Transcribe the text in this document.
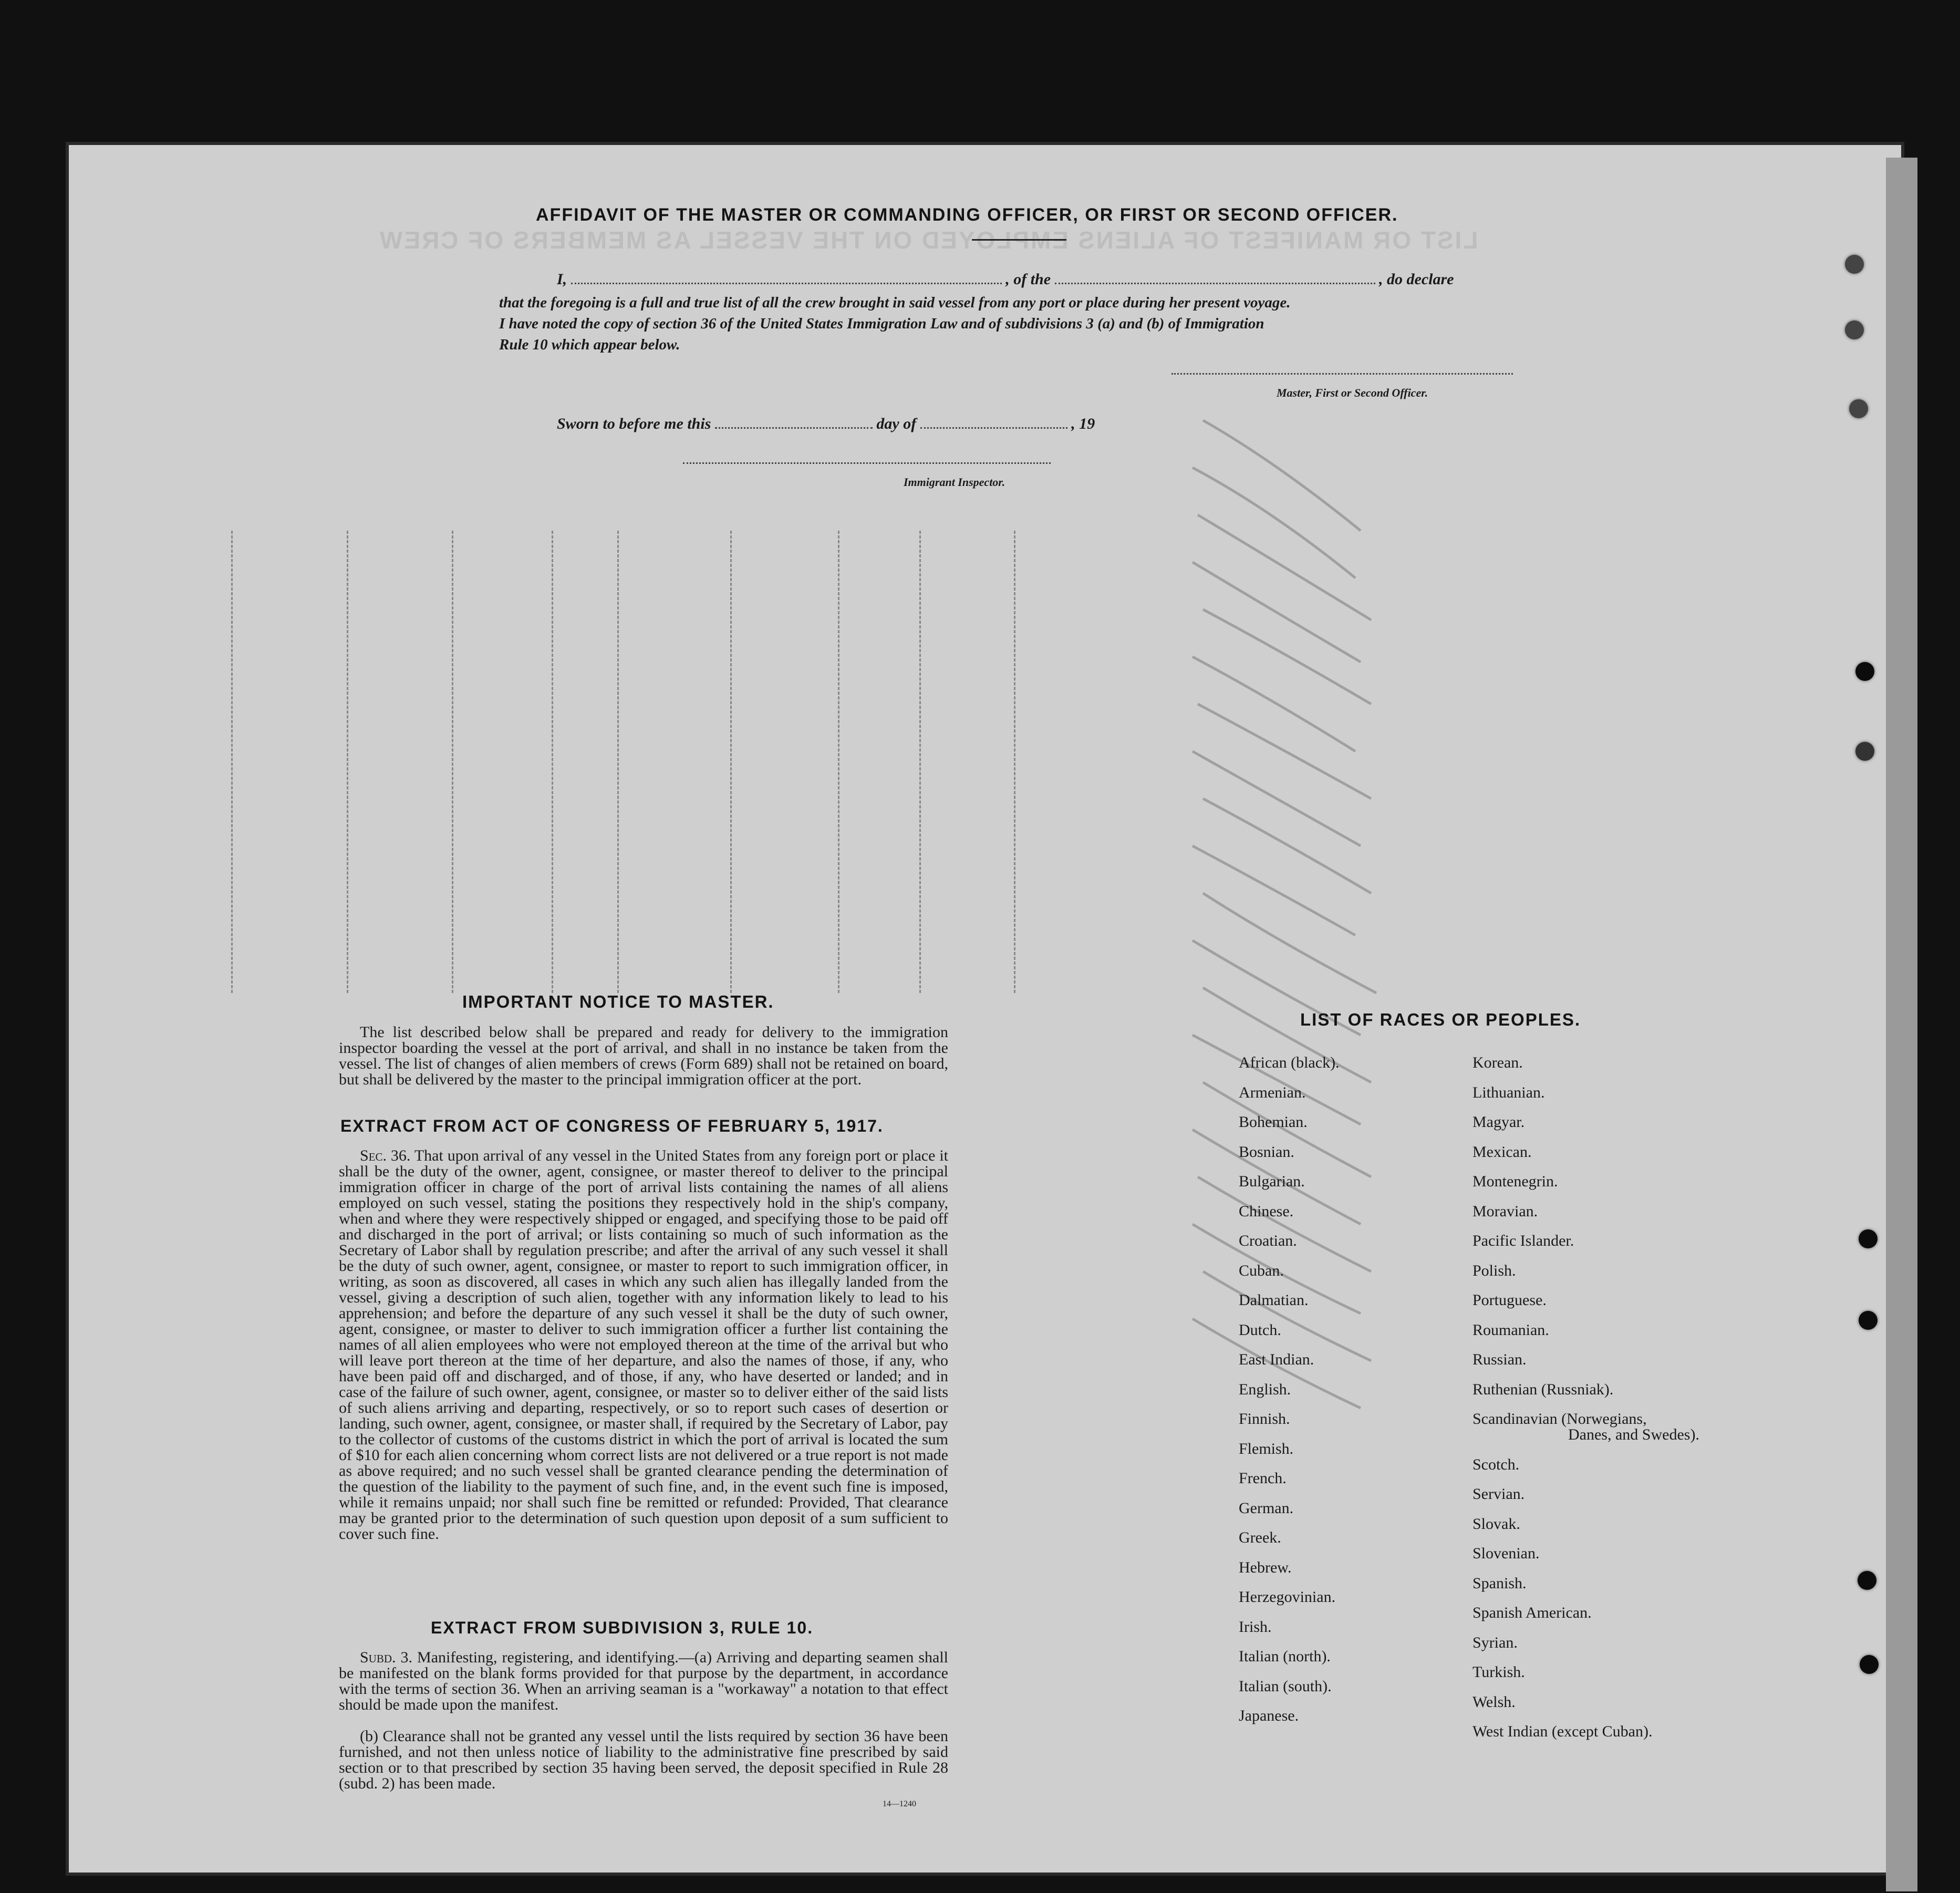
LIST OR MANIFEST OF ALIENS EMPLOYED ON THE VESSEL AS MEMBERS OF CREW
AFFIDAVIT OF THE MASTER OR COMMANDING OFFICER, OR FIRST OR SECOND OFFICER.
I,	, of the	, do declare
that the foregoing is a full and true list of all the crew brought in said vessel from any port or place during her present voyage.
I have noted the copy of section 36 of the United States Immigration Law and of subdivisions 3 (a) and (b) of Immigration
Rule 10 which appear below.
Master, First or Second Officer.
Sworn to before me this	day of	, 19
Immigrant Inspector.
IMPORTANT NOTICE TO MASTER.
The list described below shall be prepared and ready for delivery to the immigration inspector boarding the vessel at the port of arrival, and shall in no instance be taken from the vessel. The list of changes of alien members of crews (Form 689) shall not be retained on board, but shall be delivered by the master to the principal immigration officer at the port.
EXTRACT FROM ACT OF CONGRESS OF FEBRUARY 5, 1917.
Sec. 36. That upon arrival of any vessel in the United States from any foreign port or place it shall be the duty of the owner, agent, consignee, or master thereof to deliver to the principal immigration officer in charge of the port of arrival lists containing the names of all aliens employed on such vessel, stating the positions they respectively hold in the ship's company, when and where they were respectively shipped or engaged, and specifying those to be paid off and discharged in the port of arrival; or lists containing so much of such information as the Secretary of Labor shall by regulation prescribe; and after the arrival of any such vessel it shall be the duty of such owner, agent, consignee, or master to report to such immigration officer, in writing, as soon as discovered, all cases in which any such alien has illegally landed from the vessel, giving a description of such alien, together with any information likely to lead to his apprehension; and before the departure of any such vessel it shall be the duty of such owner, agent, consignee, or master to deliver to such immigration officer a further list containing the names of all alien employees who were not employed thereon at the time of the arrival but who will leave port thereon at the time of her departure, and also the names of those, if any, who have been paid off and discharged, and of those, if any, who have deserted or landed; and in case of the failure of such owner, agent, consignee, or master so to deliver either of the said lists of such aliens arriving and departing, respectively, or so to report such cases of desertion or landing, such owner, agent, consignee, or master shall, if required by the Secretary of Labor, pay to the collector of customs of the customs district in which the port of arrival is located the sum of $10 for each alien concerning whom correct lists are not delivered or a true report is not made as above required; and no such vessel shall be granted clearance pending the determination of the question of the liability to the payment of such fine, and, in the event such fine is imposed, while it remains unpaid; nor shall such fine be remitted or refunded: Provided, That clearance may be granted prior to the determination of such question upon deposit of a sum sufficient to cover such fine.
EXTRACT FROM SUBDIVISION 3, RULE 10.
Subd. 3. Manifesting, registering, and identifying.—(a) Arriving and departing seamen shall be manifested on the blank forms provided for that purpose by the department, in accordance with the terms of section 36. When an arriving seaman is a "workaway" a notation to that effect should be made upon the manifest.
(b) Clearance shall not be granted any vessel until the lists required by section 36 have been furnished, and not then unless notice of liability to the administrative fine prescribed by said section or to that prescribed by section 35 having been served, the deposit specified in Rule 28 (subd. 2) has been made.
14—1240
LIST OF RACES OR PEOPLES.
African (black).
Armenian.
Bohemian.
Bosnian.
Bulgarian.
Chinese.
Croatian.
Cuban.
Dalmatian.
Dutch.
East Indian.
English.
Finnish.
Flemish.
French.
German.
Greek.
Hebrew.
Herzegovinian.
Irish.
Italian (north).
Italian (south).
Japanese.
Korean.
Lithuanian.
Magyar.
Mexican.
Montenegrin.
Moravian.
Pacific Islander.
Polish.
Portuguese.
Roumanian.
Russian.
Ruthenian (Russniak).
Scandinavian (Norwegians,
Danes, and Swedes).
Scotch.
Servian.
Slovak.
Slovenian.
Spanish.
Spanish American.
Syrian.
Turkish.
Welsh.
West Indian (except Cuban).
